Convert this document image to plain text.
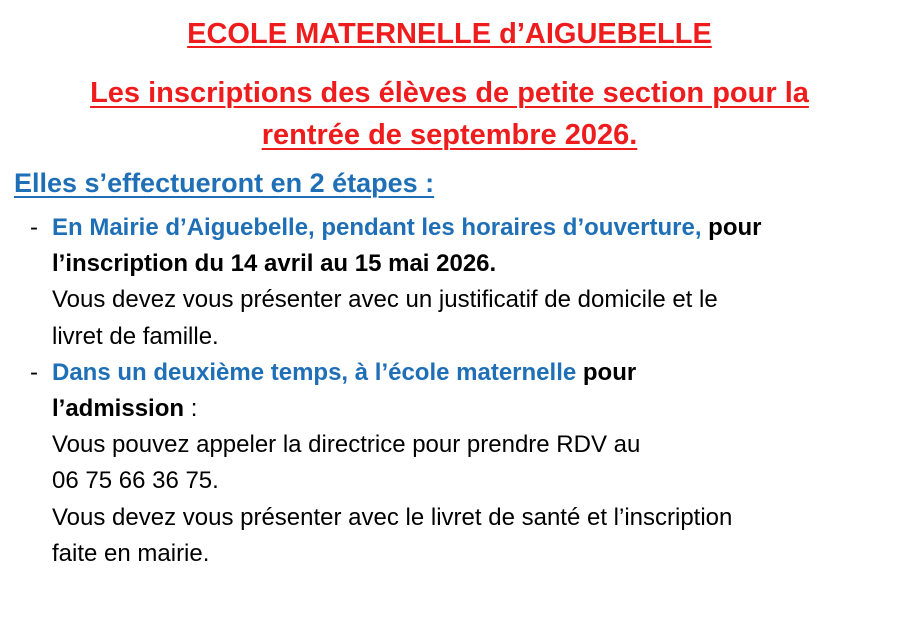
ECOLE MATERNELLE d’AIGUEBELLE
Les inscriptions des élèves de petite section pour la
rentrée de septembre 2026.
Elles s’effectueront en 2 étapes :
- En Mairie d’Aiguebelle, pendant les horaires d’ouverture, pour

l’inscription du 14 avril au 15 mai 2026.

Vous devez vous présenter avec un justificatif de domicile et le

livret de famille.

- Dans un deuxième temps, à l’école maternelle pour

l’admission :

Vous pouvez appeler la directrice pour prendre RDV au

06 75 66 36 75.

Vous devez vous présenter avec le livret de santé et l’inscription

faite en mairie.
